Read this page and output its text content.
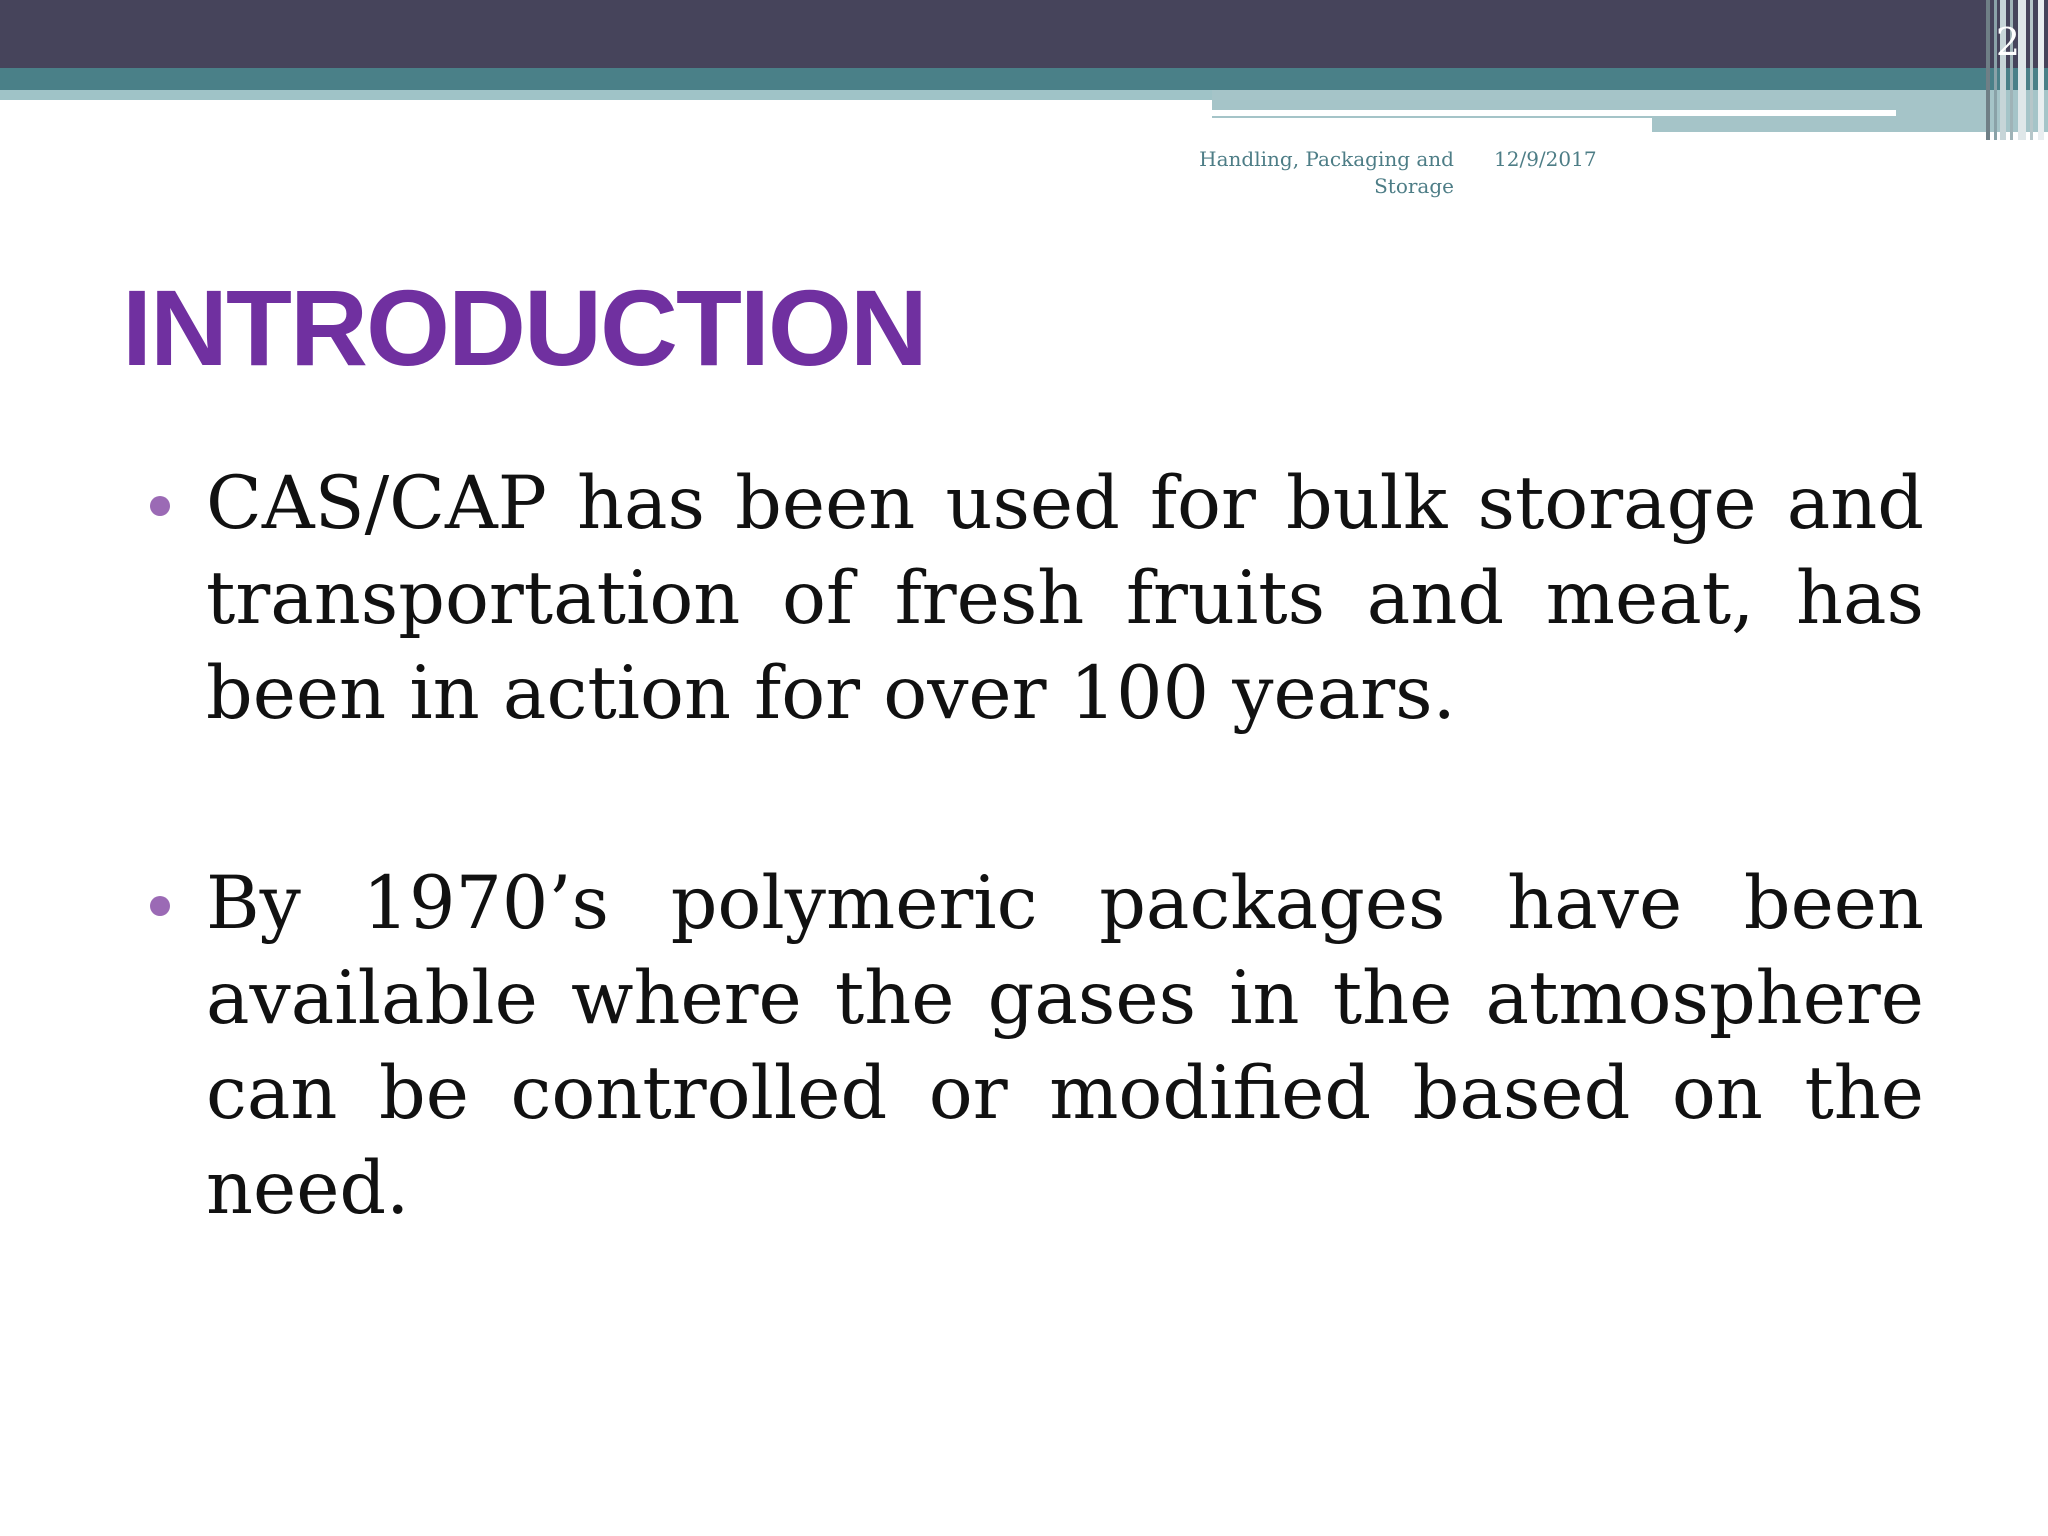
2
Handling, Packaging and Storage
12/9/2017
INTRODUCTION
CAS/CAP has been used for bulk storage and transportation of fresh fruits and meat, has been in action for over 100 years.
By 1970’s polymeric packages have been available where the gases in the atmosphere can be controlled or modified based on the need.
